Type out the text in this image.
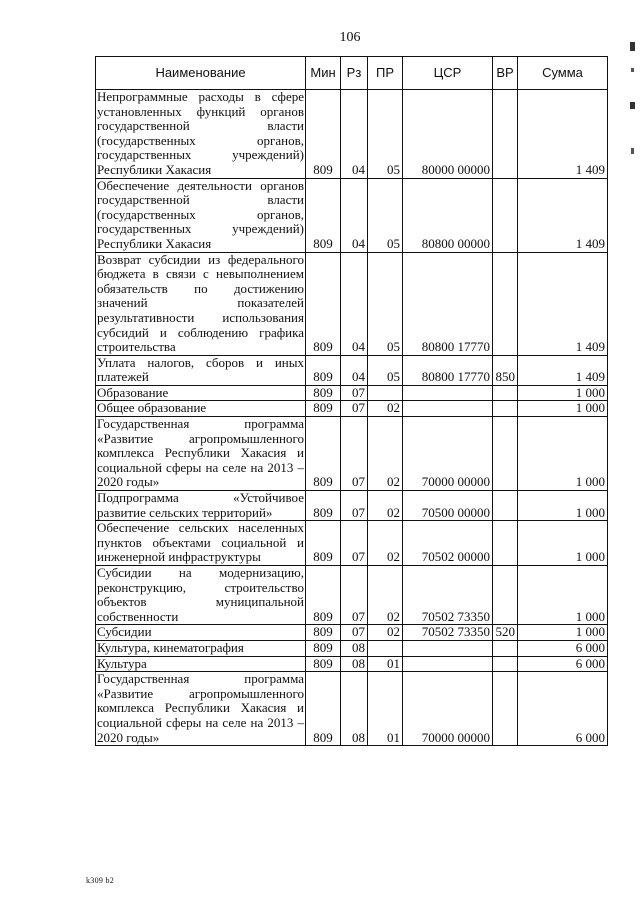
106
Наименование	Мин	Рз	ПР	ЦСР	ВР	Сумма
Непрограммные расходы в сфере установленных функций органов государственной власти (государственных органов, государственных учреждений) Республики Хакасия	809	04	05	80000 00000		1 409
Обеспечение деятельности органов государственной власти (государственных органов, государственных учреждений) Республики Хакасия	809	04	05	80800 00000		1 409
Возврат субсидии из федерального бюджета в связи с невыполнением обязательств по достижению значений показателей результативности использования субсидий и соблюдению графика строительства	809	04	05	80800 17770		1 409
Уплата налогов, сборов и иных платежей	809	04	05	80800 17770	850	1 409
Образование	809	07				1 000
Общее образование	809	07	02			1 000
Государственная программа «Развитие агропромышленного комплекса Республики Хакасия и социальной сферы на селе на 2013 – 2020 годы»	809	07	02	70000 00000		1 000
Подпрограмма «Устойчивое развитие сельских территорий»	809	07	02	70500 00000		1 000
Обеспечение сельских населенных пунктов объектами социальной и инженерной инфраструктуры	809	07	02	70502 00000		1 000
Субсидии на модернизацию, реконструкцию, строительство объектов муниципальной собственности	809	07	02	70502 73350		1 000
Субсидии	809	07	02	70502 73350	520	1 000
Культура, кинематография	809	08				6 000
Культура	809	08	01			6 000
Государственная программа «Развитие агропромышленного комплекса Республики Хакасия и социальной сферы на селе на 2013 – 2020 годы»	809	08	01	70000 00000		6 000
k309 b2
